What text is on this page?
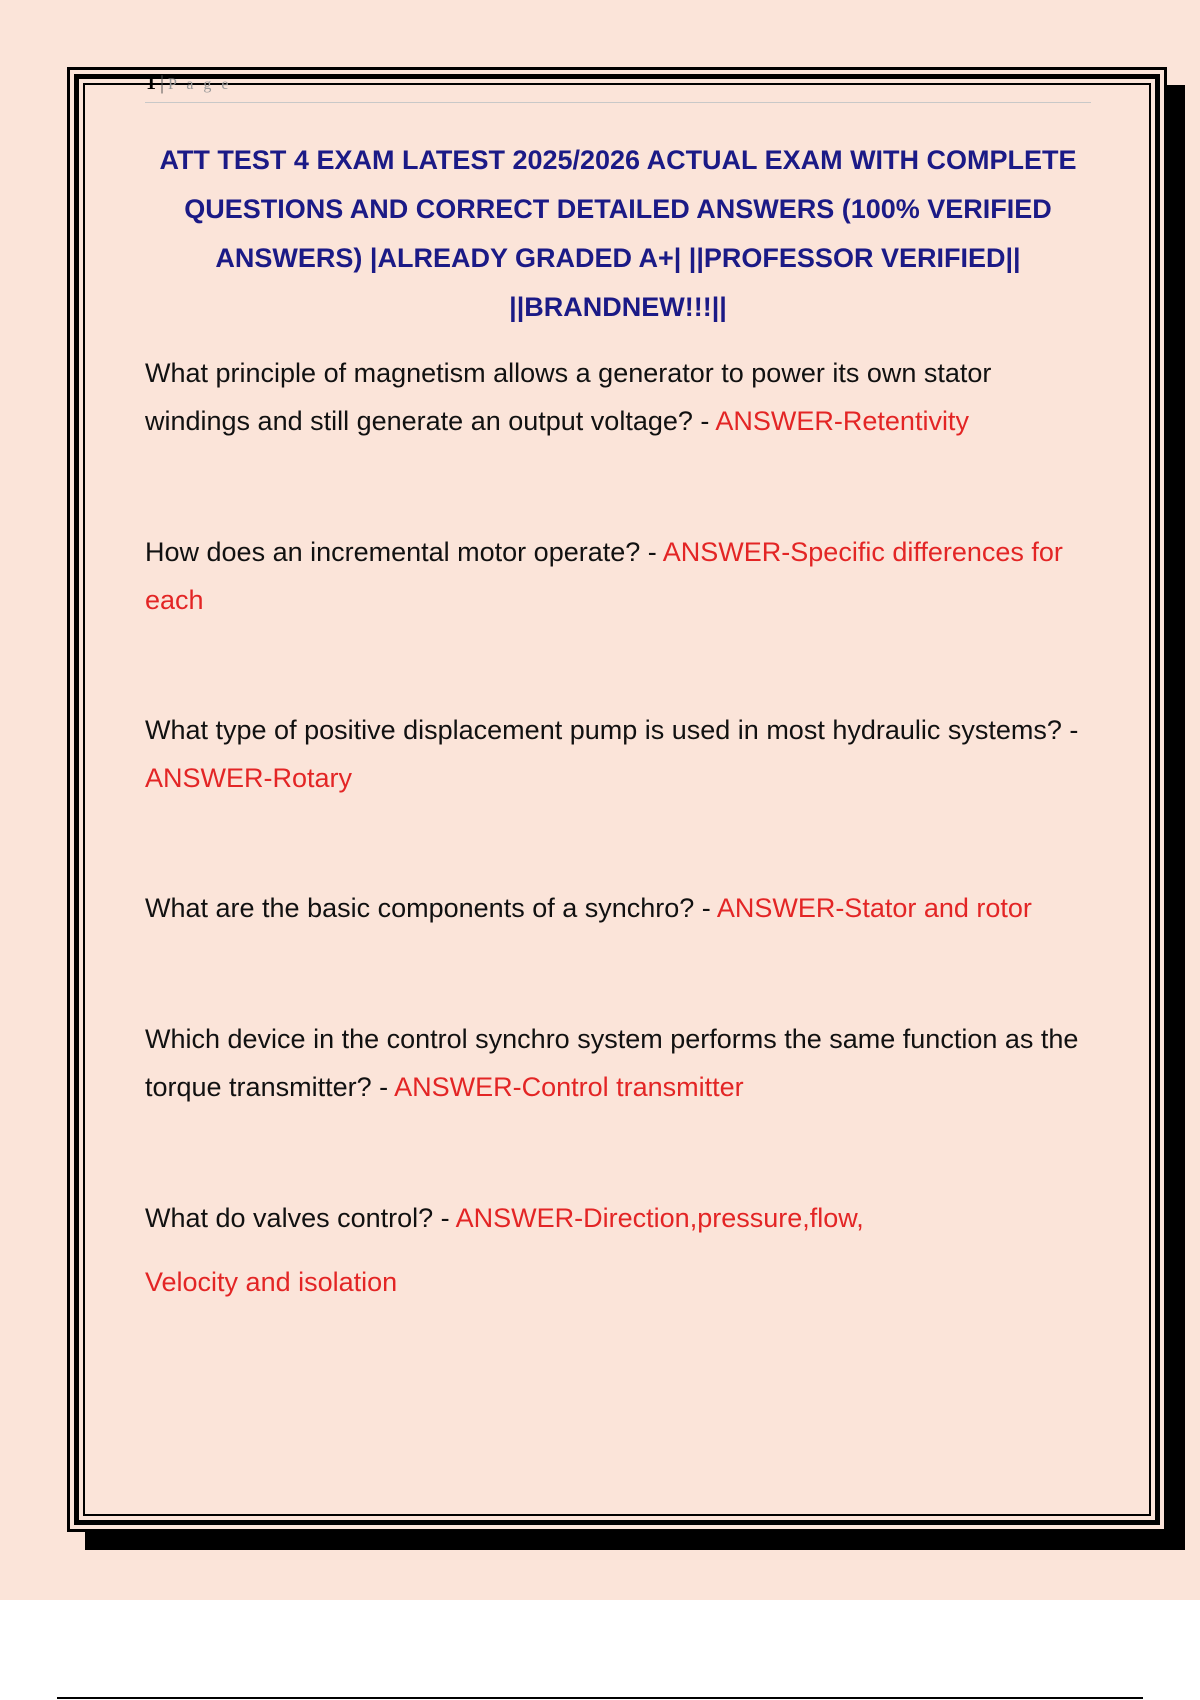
1 | P a g e
ATT TEST 4 EXAM LATEST 2025/2026 ACTUAL EXAM WITH COMPLETE QUESTIONS AND CORRECT DETAILED ANSWERS (100% VERIFIED ANSWERS) |ALREADY GRADED A+| ||PROFESSOR VERIFIED|| ||BRANDNEW!!!||

What principle of magnetism allows a generator to power its own stator windings and still generate an output voltage? - ANSWER-Retentivity

How does an incremental motor operate? - ANSWER-Specific differences for each

What type of positive displacement pump is used in most hydraulic systems? - ANSWER-Rotary

What are the basic components of a synchro? - ANSWER-Stator and rotor

Which device in the control synchro system performs the same function as the torque transmitter? - ANSWER-Control transmitter

What do valves control? - ANSWER-Direction,pressure,flow,

Velocity and isolation
